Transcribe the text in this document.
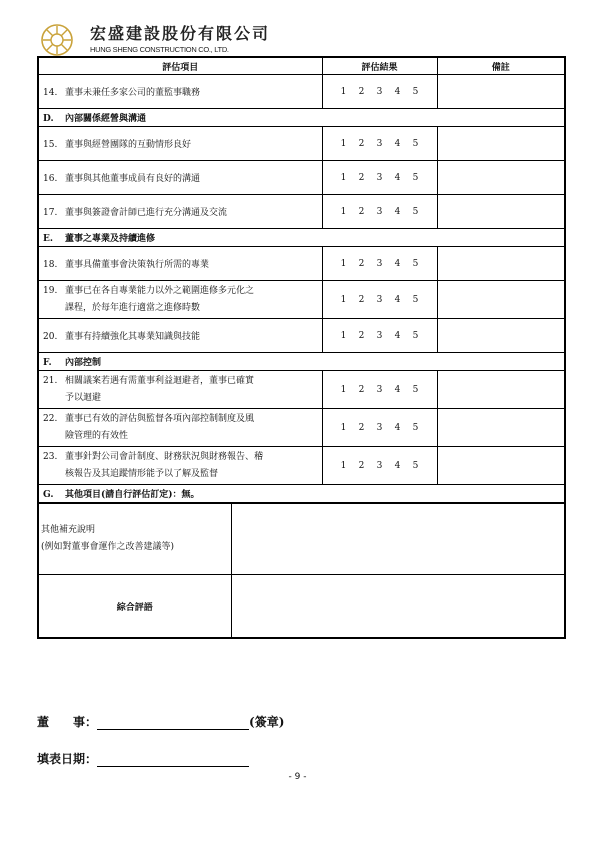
宏盛建設股份有限公司
HUNG SHENG CONSTRUCTION CO., LTD.
評估項目	評估結果	備註
14. 董事未兼任多家公司的董監事職務	1 2 3 4 5	
D. 內部關係經營與溝通		
15. 董事與經營團隊的互動情形良好	1 2 3 4 5	
16. 董事與其他董事成員有良好的溝通	1 2 3 4 5	
17. 董事與簽證會計師已進行充分溝通及交流	1 2 3 4 5	
E. 董事之專業及持續進修		
18. 董事具備董事會決策執行所需的專業	1 2 3 4 5	

19. 董事已在各自專業能力以外之範圍進修多元化之
課程，於每年進行適當之進修時數	1 2 3 4 5	
20. 董事有持續強化其專業知識與技能	1 2 3 4 5	
F. 內部控制		

21. 相關議案若遇有需董事利益迴避者，董事已確實
予以迴避	1 2 3 4 5	

22. 董事已有效的評估與監督各項內部控制制度及風
險管理的有效性	1 2 3 4 5	

23. 董事針對公司會計制度、財務狀況與財務報告、稽
核報告及其追蹤情形能予以了解及監督	1 2 3 4 5	
G. 其他項目(請自行評估訂定)：無。		
其他補充說明
(例如對董事會運作之改善建議等)	

綜合評語	
董　　事：	(簽章)
填表日期：
- 9 -
